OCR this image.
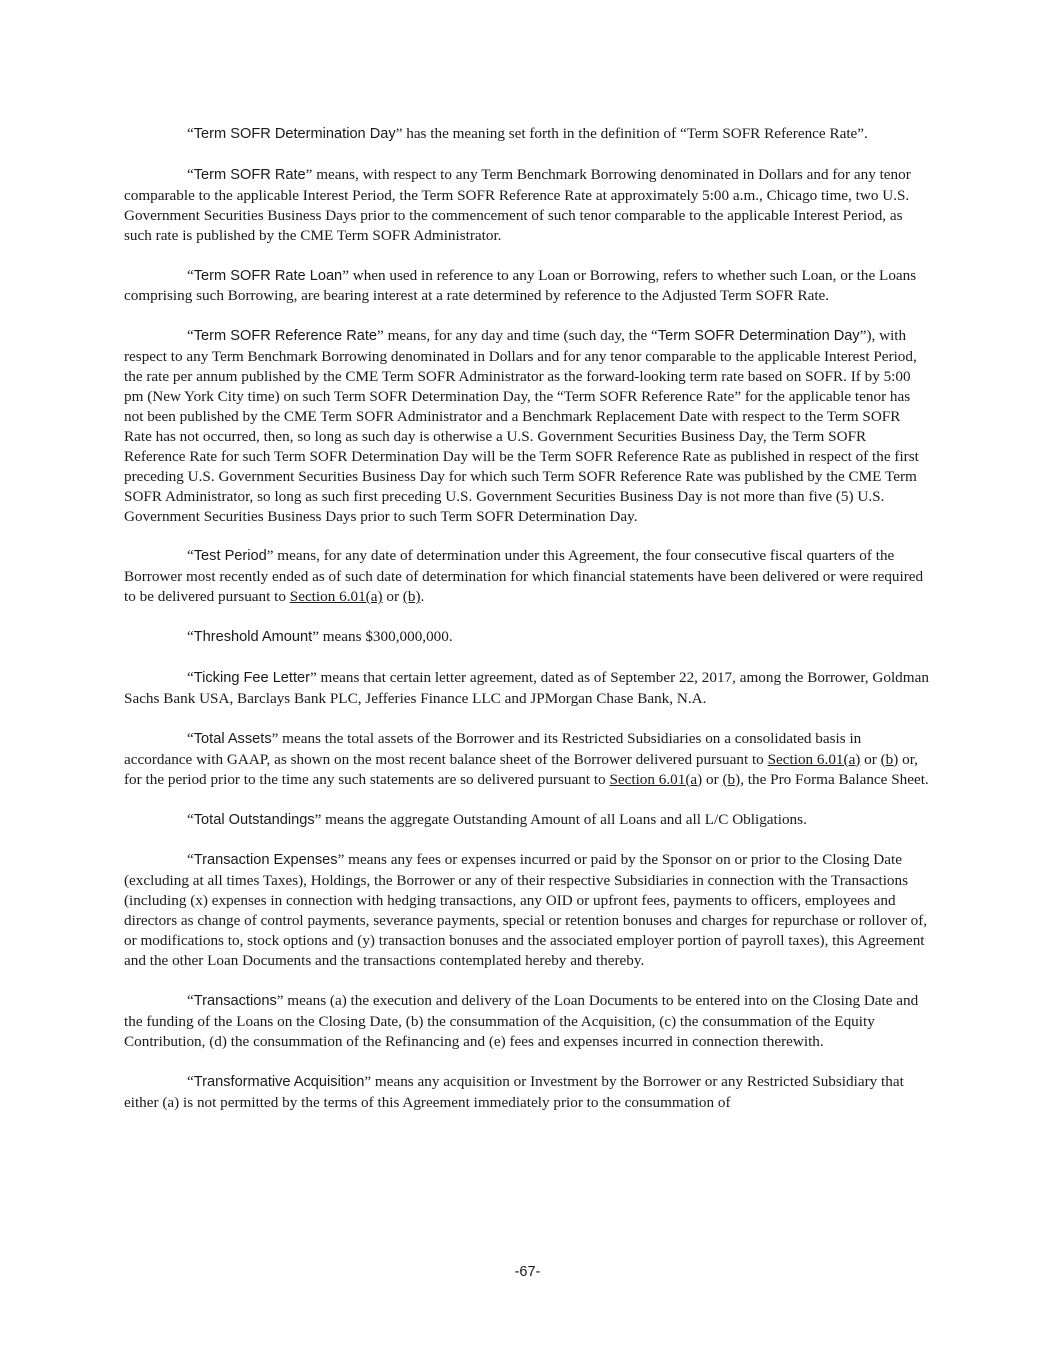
“Term SOFR Determination Day” has the meaning set forth in the definition of “Term SOFR Reference Rate”.

“Term SOFR Rate” means, with respect to any Term Benchmark Borrowing denominated in Dollars and for any tenor comparable to the applicable Interest Period, the Term SOFR Reference Rate at approximately 5:00 a.m., Chicago time, two U.S. Government Securities Business Days prior to the commencement of such tenor comparable to the applicable Interest Period, as such rate is published by the CME Term SOFR Administrator.

“Term SOFR Rate Loan” when used in reference to any Loan or Borrowing, refers to whether such Loan, or the Loans comprising such Borrowing, are bearing interest at a rate determined by reference to the Adjusted Term SOFR Rate.

“Term SOFR Reference Rate” means, for any day and time (such day, the “Term SOFR Determination Day”), with respect to any Term Benchmark Borrowing denominated in Dollars and for any tenor comparable to the applicable Interest Period, the rate per annum published by the CME Term SOFR Administrator as the forward-looking term rate based on SOFR. If by 5:00 pm (New York City time) on such Term SOFR Determination Day, the “Term SOFR Reference Rate” for the applicable tenor has not been published by the CME Term SOFR Administrator and a Benchmark Replacement Date with respect to the Term SOFR Rate has not occurred, then, so long as such day is otherwise a U.S. Government Securities Business Day, the Term SOFR Reference Rate for such Term SOFR Determination Day will be the Term SOFR Reference Rate as published in respect of the first preceding U.S. Government Securities Business Day for which such Term SOFR Reference Rate was published by the CME Term SOFR Administrator, so long as such first preceding U.S. Government Securities Business Day is not more than five (5) U.S. Government Securities Business Days prior to such Term SOFR Determination Day.

“Test Period” means, for any date of determination under this Agreement, the four consecutive fiscal quarters of the Borrower most recently ended as of such date of determination for which financial statements have been delivered or were required to be delivered pursuant to Section 6.01(a) or (b).

“Threshold Amount” means $300,000,000.

“Ticking Fee Letter” means that certain letter agreement, dated as of September 22, 2017, among the Borrower, Goldman Sachs Bank USA, Barclays Bank PLC, Jefferies Finance LLC and JPMorgan Chase Bank, N.A.

“Total Assets” means the total assets of the Borrower and its Restricted Subsidiaries on a consolidated basis in accordance with GAAP, as shown on the most recent balance sheet of the Borrower delivered pursuant to Section 6.01(a) or (b) or, for the period prior to the time any such statements are so delivered pursuant to Section 6.01(a) or (b), the Pro Forma Balance Sheet.

“Total Outstandings” means the aggregate Outstanding Amount of all Loans and all L/C Obligations.

“Transaction Expenses” means any fees or expenses incurred or paid by the Sponsor on or prior to the Closing Date (excluding at all times Taxes), Holdings, the Borrower or any of their respective Subsidiaries in connection with the Transactions (including (x) expenses in connection with hedging transactions, any OID or upfront fees, payments to officers, employees and directors as change of control payments, severance payments, special or retention bonuses and charges for repurchase or rollover of, or modifications to, stock options and (y) transaction bonuses and the associated employer portion of payroll taxes), this Agreement and the other Loan Documents and the transactions contemplated hereby and thereby.

“Transactions” means (a) the execution and delivery of the Loan Documents to be entered into on the Closing Date and the funding of the Loans on the Closing Date, (b) the consummation of the Acquisition, (c) the consummation of the Equity Contribution, (d) the consummation of the Refinancing and (e) fees and expenses incurred in connection therewith.

“Transformative Acquisition” means any acquisition or Investment by the Borrower or any Restricted Subsidiary that either (a) is not permitted by the terms of this Agreement immediately prior to the consummation of

-67-
